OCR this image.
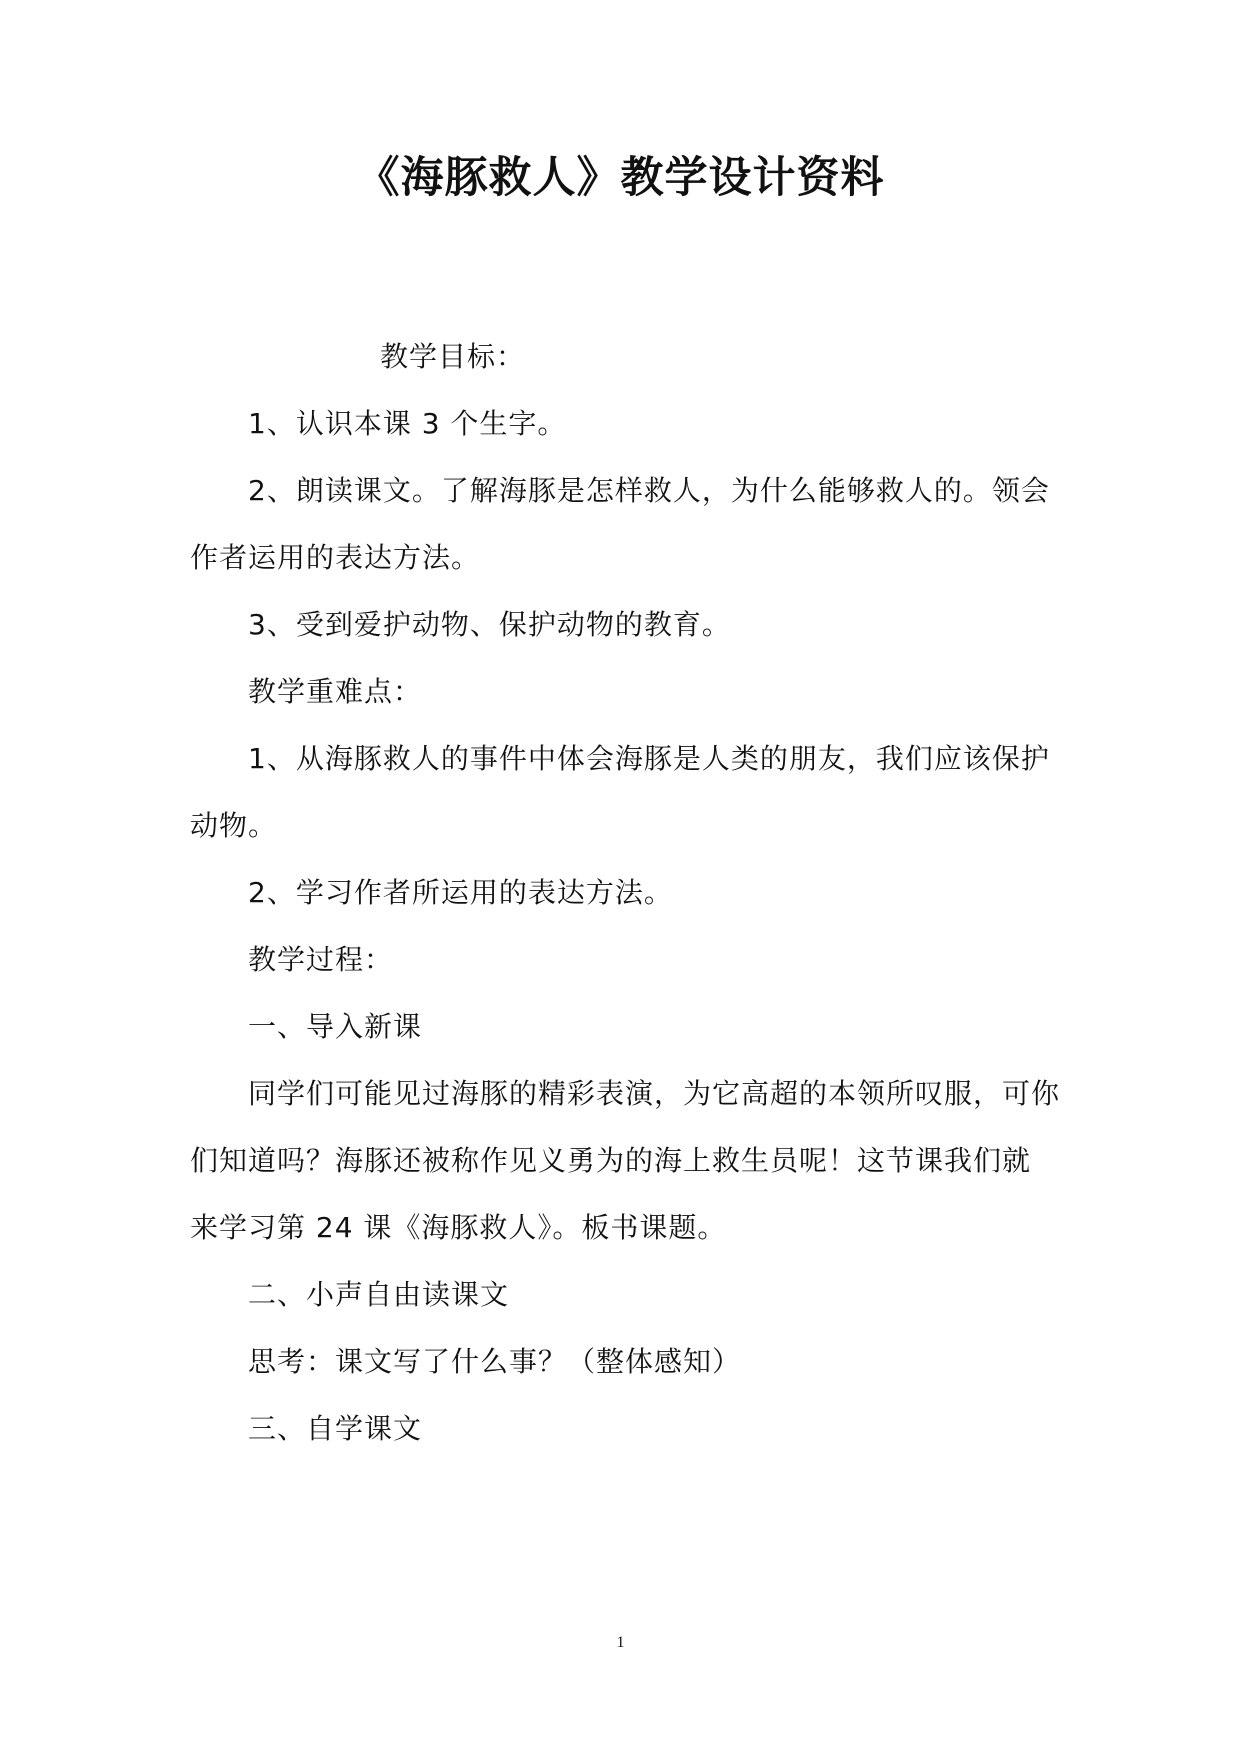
《海豚救人》教学设计资料
教学目标：
1、认识本课 3 个生字。
2、朗读课文。了解海豚是怎样救人，为什么能够救人的。领会
作者运用的表达方法。
3、受到爱护动物、保护动物的教育。
教学重难点：
1、从海豚救人的事件中体会海豚是人类的朋友，我们应该保护
动物。
2、学习作者所运用的表达方法。
教学过程：
一、导入新课
同学们可能见过海豚的精彩表演，为它高超的本领所叹服，可你
们知道吗？海豚还被称作见义勇为的海上救生员呢！这节课我们就
来学习第 24 课《海豚救人》。板书课题。
二、小声自由读课文
思考：课文写了什么事？（整体感知）
三、自学课文
1
